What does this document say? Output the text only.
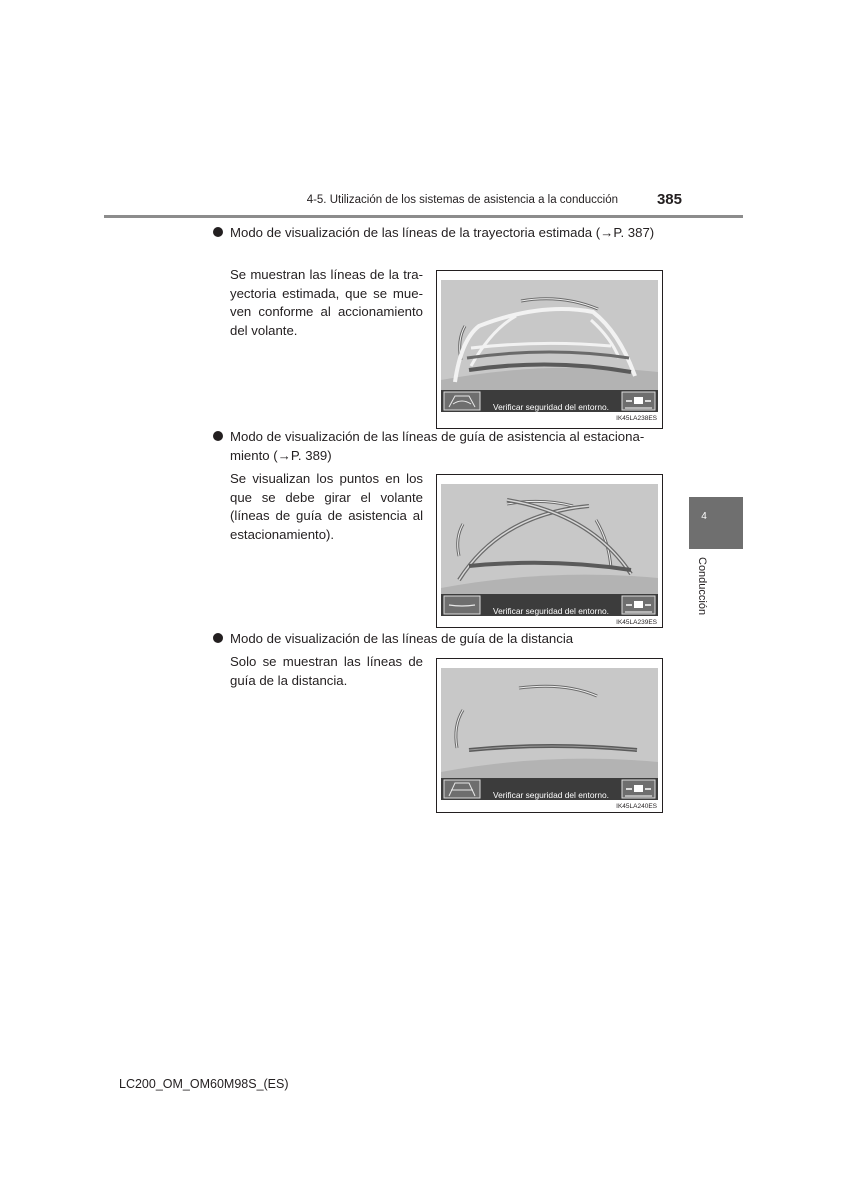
4-5. Utilización de los sistemas de asistencia a la conducción	385
4
Conducción
Modo de visualización de las líneas de la trayectoria estimada (→P. 387)
Se muestran las líneas de la trayectoria estimada, que se mueven conforme al accionamiento del volante.
Verificar seguridad del entorno.
IK45LA238ES
Modo de visualización de las líneas de guía de asistencia al estacionamiento (→P. 389)
Se visualizan los puntos en los que se debe girar el volante (líneas de guía de asistencia al estacionamiento).
Verificar seguridad del entorno.
IK45LA239ES
Modo de visualización de las líneas de guía de la distancia
Solo se muestran las líneas de guía de la distancia.
Verificar seguridad del entorno.
IK45LA240ES
LC200_OM_OM60M98S_(ES)
